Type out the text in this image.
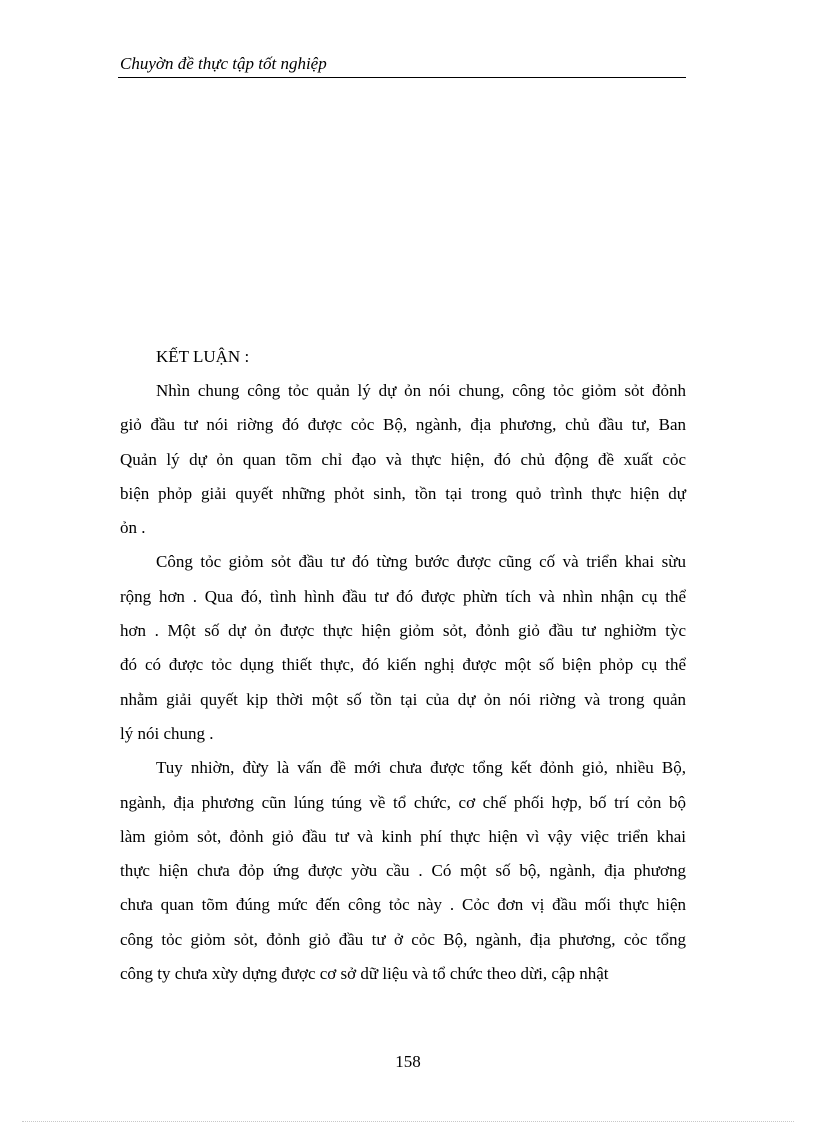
Chuyờn đề thực tập tốt nghiệp
KẾT LUẬN :
Nhìn chung công tỏc quản lý dự ỏn nói chung, công tỏc giỏm sỏt đỏnh
giỏ đầu tư nói riờng đó được cỏc Bộ, ngành, địa phương, chủ đầu tư, Ban
Quản lý dự ỏn quan tõm chỉ đạo và thực hiện, đó chủ động đề xuất cỏc
biện phỏp giải quyết những phỏt sinh, tồn tại trong quỏ trình thực hiện dự
ỏn .
Công tỏc giỏm sỏt đầu tư đó từng bước được cũng cố và triển khai sừu
rộng hơn . Qua đó, tình hình đầu tư đó được phừn tích và nhìn nhận cụ thể
hơn . Một số dự ỏn được thực hiện giỏm sỏt, đỏnh giỏ đầu tư nghiờm tỳc
đó có được tỏc dụng thiết thực, đó kiến nghị được một số biện phỏp cụ thể
nhằm giải quyết kịp thời một số tồn tại của dự ỏn nói riờng và trong quản
lý nói chung .
Tuy nhiờn, đừy là vấn đề mới chưa được tổng kết đỏnh giỏ, nhiều Bộ,
ngành, địa phương cũn lúng túng về tổ chức, cơ chế phối hợp, bố trí cỏn bộ
làm giỏm sỏt, đỏnh giỏ đầu tư và kinh phí thực hiện vì vậy việc triển khai
thực hiện chưa đỏp ứng được yờu cầu . Có một số bộ, ngành, địa phương
chưa quan tõm đúng mức đến công tỏc này . Cỏc đơn vị đầu mối thực hiện
công tỏc giỏm sỏt, đỏnh giỏ đầu tư ở cỏc Bộ, ngành, địa phương, cỏc tổng
công ty chưa xừy dựng được cơ sở dữ liệu và tổ chức theo dừi, cập nhật
158
